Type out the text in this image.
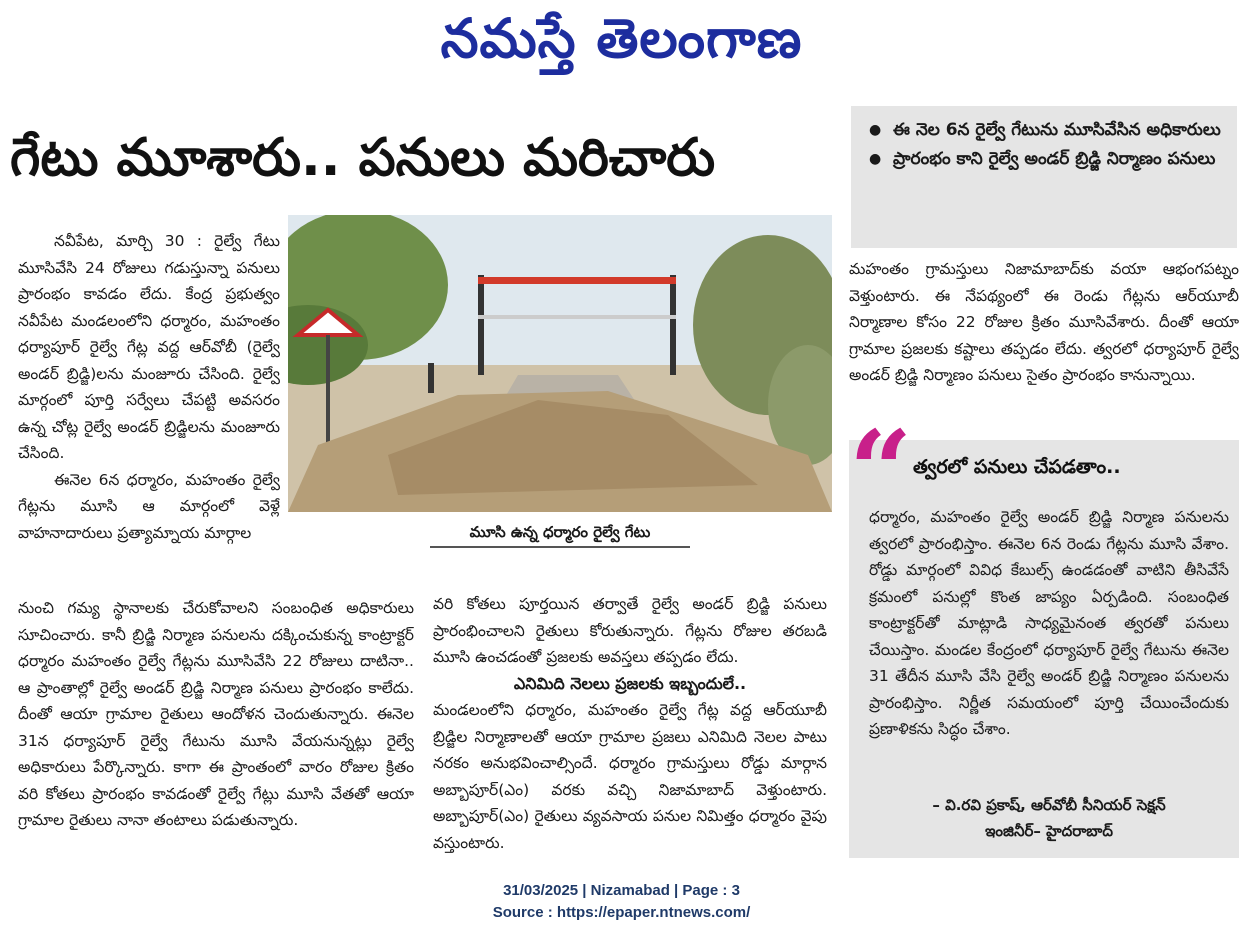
నమస్తే తెలంగాణ
గేటు మూశారు.. పనులు మరిచారు
●	ఈ నెల 6న రైల్వే గేటును మూసివేసిన అధికారులు
● ప్రారంభం కాని రైల్వే అండర్ బ్రిడ్జి నిర్మాణం పనులు
మూసి ఉన్న ధర్మారం రైల్వే గేటు

నవీపేట, మార్చి 30 : రైల్వే గేటు మూసివేసి 24 రోజులు గడుస్తున్నా పనులు ప్రారంభం కావడం లేదు. కేంద్ర ప్రభుత్వం నవీపేట మండలంలోని ధర్మారం, మహంతం ధర్యాపూర్ రైల్వే గేట్ల వద్ద ఆర్‌వోబీ (రైల్వే అండర్ బ్రిడ్జి)లను మంజూరు చేసింది. రైల్వే మార్గంలో పూర్తి సర్వేలు చేపట్టి అవసరం ఉన్న చోట్ల రైల్వే అండర్ బ్రిడ్జిలను మంజూరు చేసింది.

ఈనెల 6న ధర్మారం, మహంతం రైల్వే గేట్లను మూసి ఆ మార్గంలో వెళ్లే వాహనాదారులు ప్రత్యామ్నాయ మార్గాల

నుంచి గమ్య స్థానాలకు చేరుకోవాలని సంబంధిత అధికారులు సూచించారు. కానీ బ్రిడ్జి నిర్మాణ పనులను దక్కించుకున్న కాంట్రాక్టర్ ధర్మారం మహంతం రైల్వే గేట్లను మూసివేసి 22 రోజులు దాటినా.. ఆ ప్రాంతాల్లో రైల్వే అండర్ బ్రిడ్జి నిర్మాణ పనులు ప్రారంభం కాలేదు. దీంతో ఆయా గ్రామాల రైతులు ఆందోళన చెందుతున్నారు. ఈనెల 31న ధర్యాపూర్ రైల్వే గేటును మూసి వేయనున్నట్లు రైల్వే అధికారులు పేర్కొన్నారు. కాగా ఈ ప్రాంతంలో వారం రోజుల క్రితం వరి కోతలు ప్రారంభం కావడంతో రైల్వే గేట్లు మూసి వేతతో ఆయా గ్రామాల రైతులు నానా తంటాలు పడుతున్నారు.

వరి కోతలు పూర్తయిన తర్వాతే రైల్వే అండర్ బ్రిడ్జి పనులు ప్రారంభించాలని రైతులు కోరుతున్నారు. గేట్లను రోజుల తరబడి మూసి ఉంచడంతో ప్రజలకు అవస్తలు తప్పడం లేదు.

ఎనిమిది నెలలు ప్రజలకు ఇబ్బందులే..

మండలంలోని ధర్మారం, మహంతం రైల్వే గేట్ల వద్ద ఆర్‌యూబీ బ్రిడ్జిల నిర్మాణాలతో ఆయా గ్రామాల ప్రజలు ఎనిమిది నెలల పాటు నరకం అనుభవించాల్సిందే. ధర్మారం గ్రామస్తులు రోడ్డు మార్గాన అబ్బాపూర్(ఎం) వరకు వచ్చి నిజామాబాద్ వెళ్తుంటారు. అబ్బాపూర్(ఎం) రైతులు వ్యవసాయ పనుల నిమిత్తం ధర్మారం వైపు వస్తుంటారు.

మహంతం గ్రామస్తులు నిజామాబాద్‌కు వయా ఆభంగపట్నం వెళ్తుంటారు. ఈ నేపథ్యంలో ఈ రెండు గేట్లను ఆర్‌యూబీ నిర్మాణాల కోసం 22 రోజుల క్రితం మూసివేశారు. దీంతో ఆయా గ్రామాల ప్రజలకు కష్టాలు తప్పడం లేదు. త్వరలో ధర్యాపూర్ రైల్వే అండర్ బ్రిడ్జి నిర్మాణం పనులు సైతం ప్రారంభం కానున్నాయి.

“ త్వరలో పనులు చేపడతాం..
ధర్మారం, మహంతం రైల్వే అండర్ బ్రిడ్జి నిర్మాణ పనులను త్వరలో ప్రారంభిస్తాం. ఈనెల 6న రెండు గేట్లను మూసి వేశాం. రోడ్డు మార్గంలో వివిధ కేబుల్స్ ఉండడంతో వాటిని తీసివేసే క్రమంలో పనుల్లో కొంత జాప్యం ఏర్పడింది. సంబంధిత కాంట్రాక్టర్‌తో మాట్లాడి సాధ్యమైనంత త్వరతో పనులు చేయిస్తాం. మండల కేంద్రంలో ధర్యాపూర్ రైల్వే గేటును ఈనెల 31 తేదీన మూసి వేసి రైల్వే అండర్ బ్రిడ్జి నిర్మాణం పనులను ప్రారంభిస్తాం. నిర్ణీత సమయంలో పూర్తి చేయించేందుకు ప్రణాళికను సిద్ధం చేశాం.
– వి.రవి ప్రకాష్, ఆర్‌వోబీ సీనియర్ సెక్షన్
ఇంజినీర్– హైదరాబాద్
31/03/2025 | Nizamabad | Page : 3
Source : https://epaper.ntnews.com/
